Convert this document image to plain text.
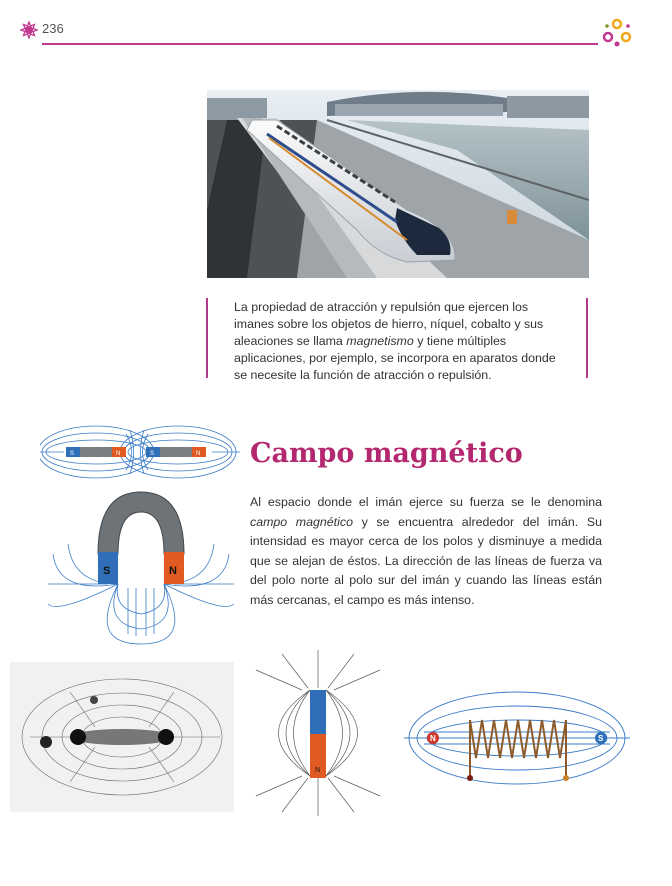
236

La propiedad de atracción y repulsión que ejercen los imanes sobre los objetos de hierro, níquel, cobalto y sus aleaciones se llama magnetismo y tiene múltiples aplicaciones, por ejemplo, se incorpora en aparatos donde se necesite la función de atracción o repulsión.

S	N	S	N
S	N
Campo magnético

Al espacio donde el imán ejerce su fuerza se le denomina campo magnético y se encuentra alrededor del imán. Su intensidad es mayor cerca de los polos y disminuye a medida que se alejan de éstos. La dirección de las líneas de fuerza va del polo norte al polo sur del imán y cuando las líneas están más cercanas, el campo es más intenso.

N
N	S
